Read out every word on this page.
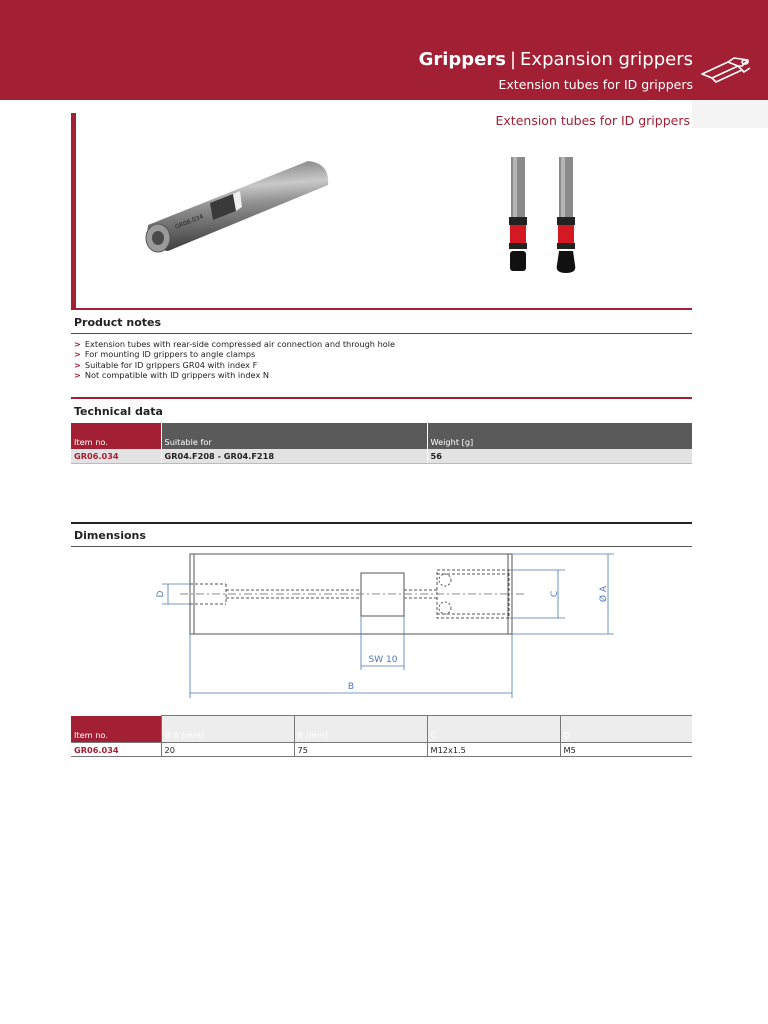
Grippers | Expansion grippers
Extension tubes for ID grippers
Extension tubes for ID grippers
GR06.034
Product notes
> Extension tubes with rear-side compressed air connection and through hole
> For mounting ID grippers to angle clamps
> Suitable for ID grippers GR04 with index F
> Not compatible with ID grippers with index N
Technical data
Item no.	Suitable for	Weight [g]
GR06.034	GR04.F208 - GR04.F218	56
Dimensions
D	C	Ø A
SW 10
B
Item no.	Ø A [mm]	B [mm]	C	D
GR06.034	20	75	M12x1.5	M5
